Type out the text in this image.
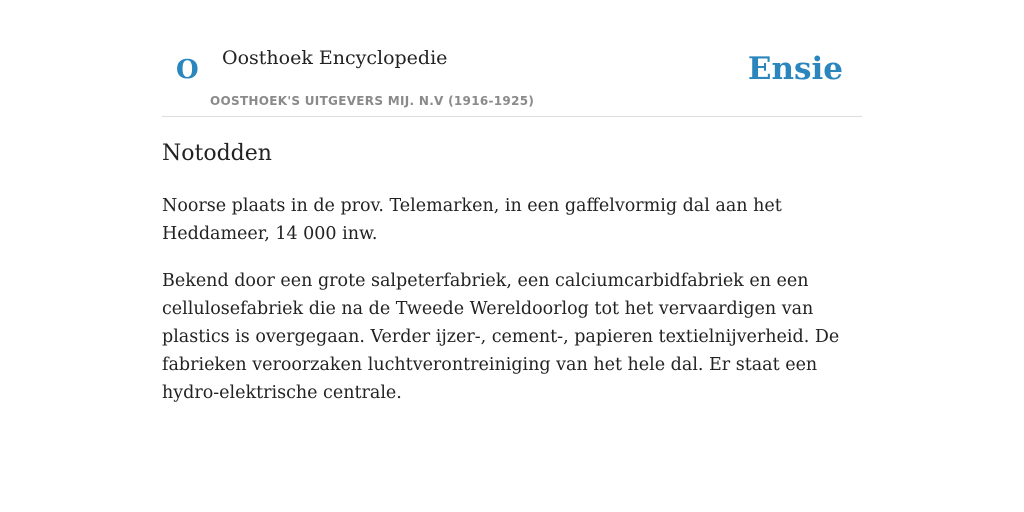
O Oosthoek Encyclopedie
OOSTHOEK'S UITGEVERS MIJ. N.V (1916-1925)
Ensie
Notodden

Noorse plaats in de prov. Telemarken, in een gaffelvormig dal aan het Heddameer, 14 000 inw.

Bekend door een grote salpeterfabriek, een calciumcarbidfabriek en een cellulosefabriek die na de Tweede Wereldoorlog tot het vervaardigen van plastics is overgegaan. Verder ijzer-, cement-, papieren textielnijverheid. De fabrieken veroorzaken luchtverontreiniging van het hele dal. Er staat een hydro-elektrische centrale.
